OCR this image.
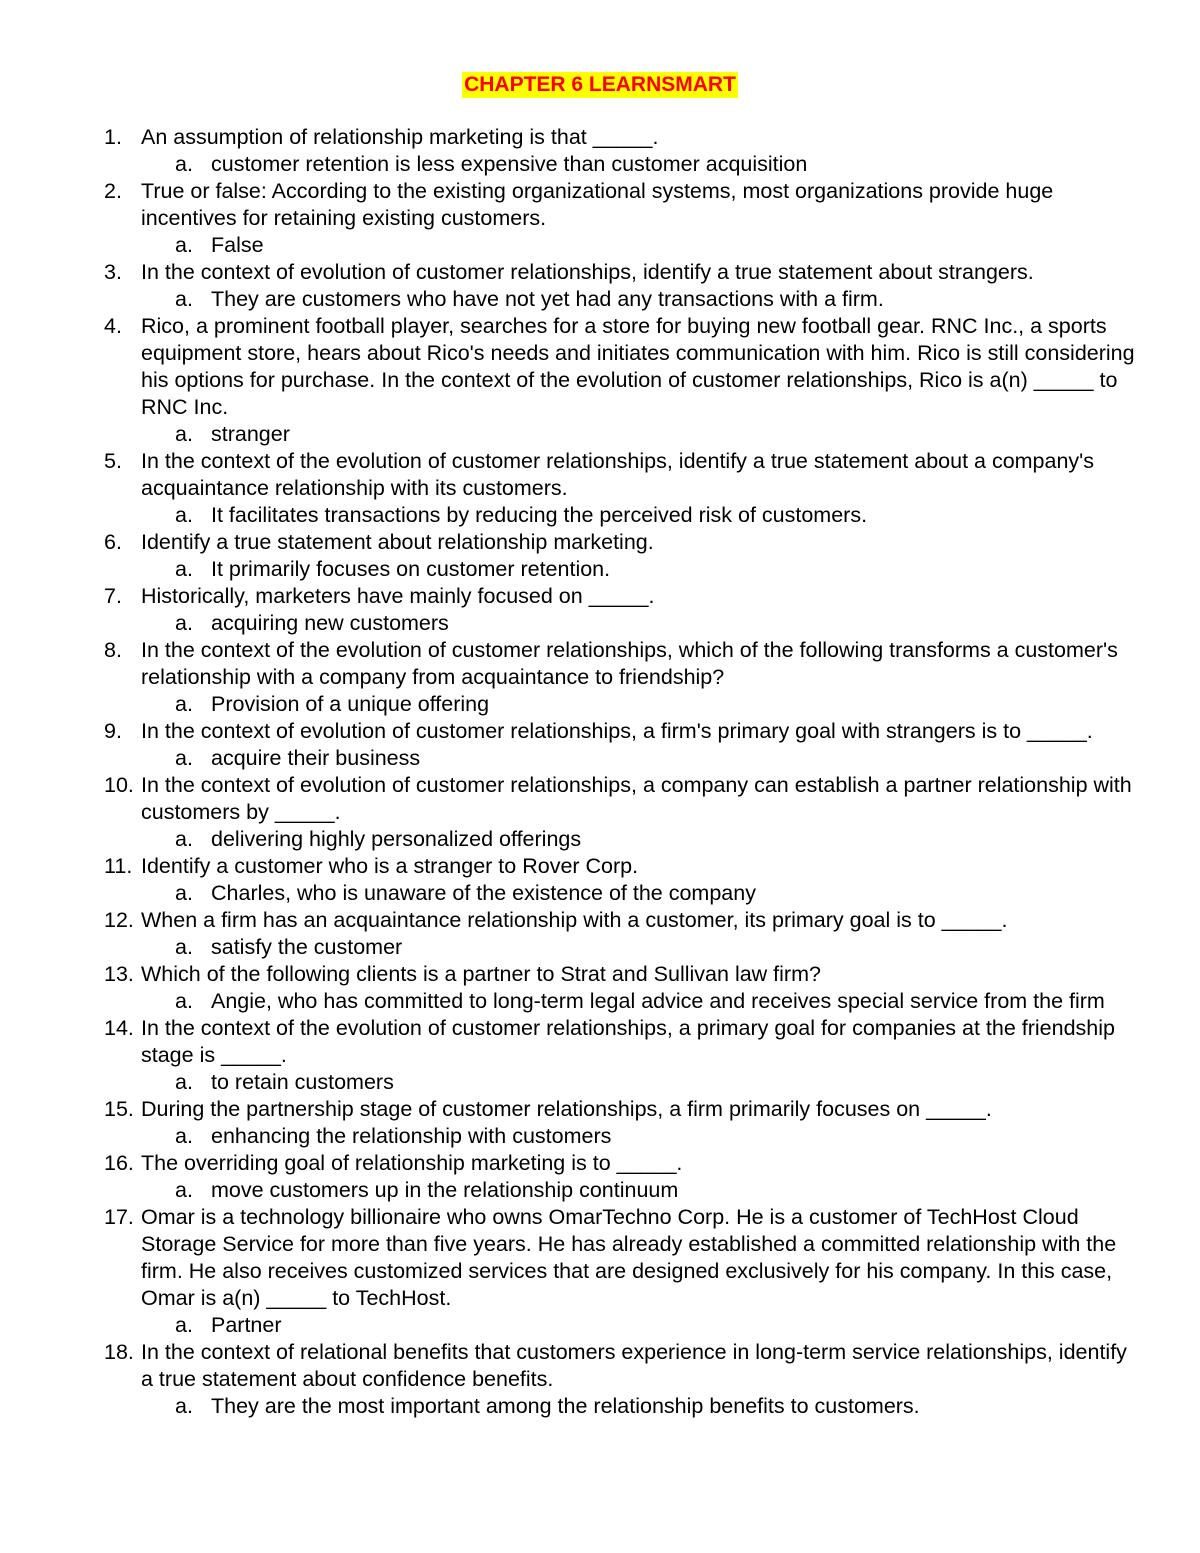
CHAPTER 6 LEARNSMART
1. An assumption of relationship marketing is that _____.
a. customer retention is less expensive than customer acquisition
2. True or false: According to the existing organizational systems, most organizations provide huge incentives for retaining existing customers.
a. False
3. In the context of evolution of customer relationships, identify a true statement about strangers.
a. They are customers who have not yet had any transactions with a firm.
4. Rico, a prominent football player, searches for a store for buying new football gear. RNC Inc., a sports equipment store, hears about Rico's needs and initiates communication with him. Rico is still considering his options for purchase. In the context of the evolution of customer relationships, Rico is a(n) _____ to RNC Inc.
a. stranger
5. In the context of the evolution of customer relationships, identify a true statement about a company's acquaintance relationship with its customers.
a. It facilitates transactions by reducing the perceived risk of customers.
6. Identify a true statement about relationship marketing.
a. It primarily focuses on customer retention.
7. Historically, marketers have mainly focused on _____.
a. acquiring new customers
8. In the context of the evolution of customer relationships, which of the following transforms a customer's relationship with a company from acquaintance to friendship?
a. Provision of a unique offering
9. In the context of evolution of customer relationships, a firm's primary goal with strangers is to _____.
a. acquire their business
10. In the context of evolution of customer relationships, a company can establish a partner relationship with customers by _____.
a. delivering highly personalized offerings
11. Identify a customer who is a stranger to Rover Corp.
a. Charles, who is unaware of the existence of the company
12. When a firm has an acquaintance relationship with a customer, its primary goal is to _____.
a. satisfy the customer
13. Which of the following clients is a partner to Strat and Sullivan law firm?
a. Angie, who has committed to long-term legal advice and receives special service from the firm
14. In the context of the evolution of customer relationships, a primary goal for companies at the friendship stage is _____.
a. to retain customers
15. During the partnership stage of customer relationships, a firm primarily focuses on _____.
a. enhancing the relationship with customers
16. The overriding goal of relationship marketing is to _____.
a. move customers up in the relationship continuum
17. Omar is a technology billionaire who owns OmarTechno Corp. He is a customer of TechHost Cloud Storage Service for more than five years. He has already established a committed relationship with the firm. He also receives customized services that are designed exclusively for his company. In this case, Omar is a(n) _____ to TechHost.
a. Partner
18. In the context of relational benefits that customers experience in long-term service relationships, identify a true statement about confidence benefits.
a. They are the most important among the relationship benefits to customers.
